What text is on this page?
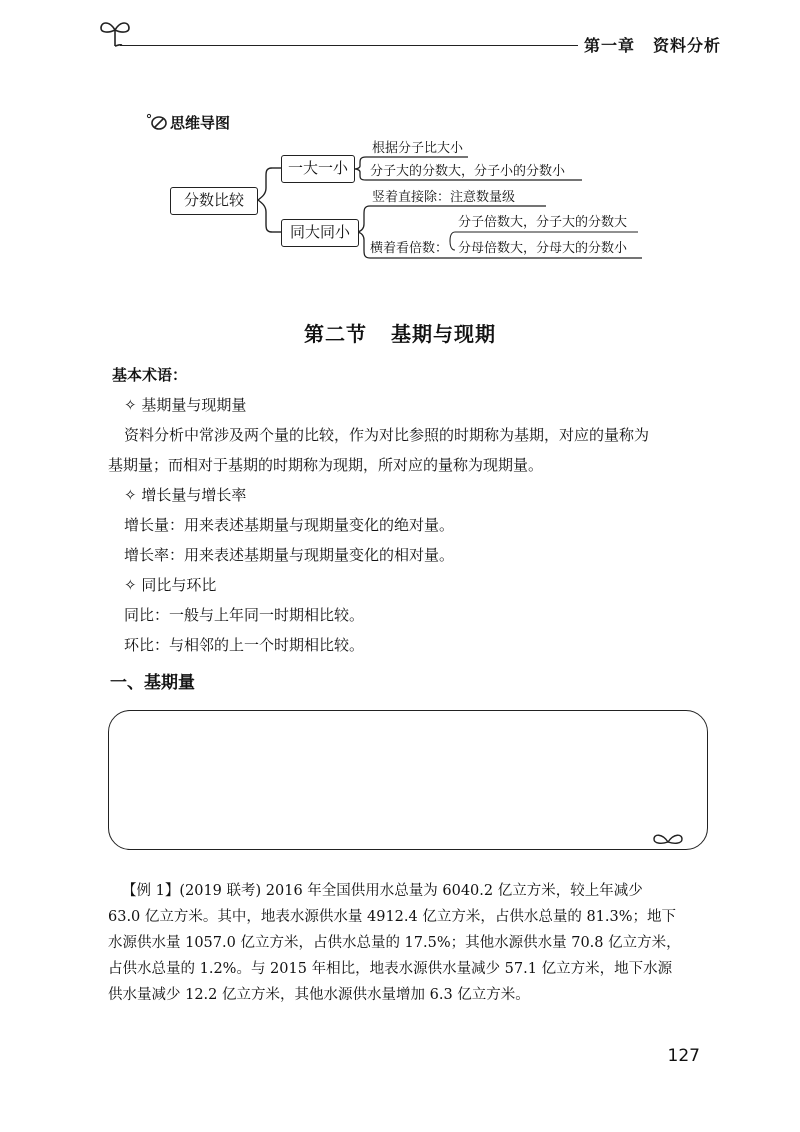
第一章 资料分析
思维导图
分数比较
一大一小
同大同小
根据分子比大小
分子大的分数大，分子小的分数小
竖着直接除：注意数量级
横着看倍数：
分子倍数大，分子大的分数大
分母倍数大，分母大的分数小
第二节 基期与现期
基本术语：
✧ 基期量与现期量
资料分析中常涉及两个量的比较，作为对比参照的时期称为基期，对应的量称为
基期量；而相对于基期的时期称为现期，所对应的量称为现期量。
✧ 增长量与增长率
增长量：用来表述基期量与现期量变化的绝对量。
增长率：用来表述基期量与现期量变化的相对量。
✧ 同比与环比
同比：一般与上年同一时期相比较。
环比：与相邻的上一个时期相比较。
一、基期量
【例 1】(2019 联考) 2016 年全国供用水总量为 6040.2 亿立方米，较上年减少
63.0 亿立方米。其中，地表水源供水量 4912.4 亿立方米，占供水总量的 81.3%；地下
水源供水量 1057.0 亿立方米，占供水总量的 17.5%；其他水源供水量 70.8 亿立方米，
占供水总量的 1.2%。与 2015 年相比，地表水源供水量减少 57.1 亿立方米，地下水源
供水量减少 12.2 亿立方米，其他水源供水量增加 6.3 亿立方米。
127
